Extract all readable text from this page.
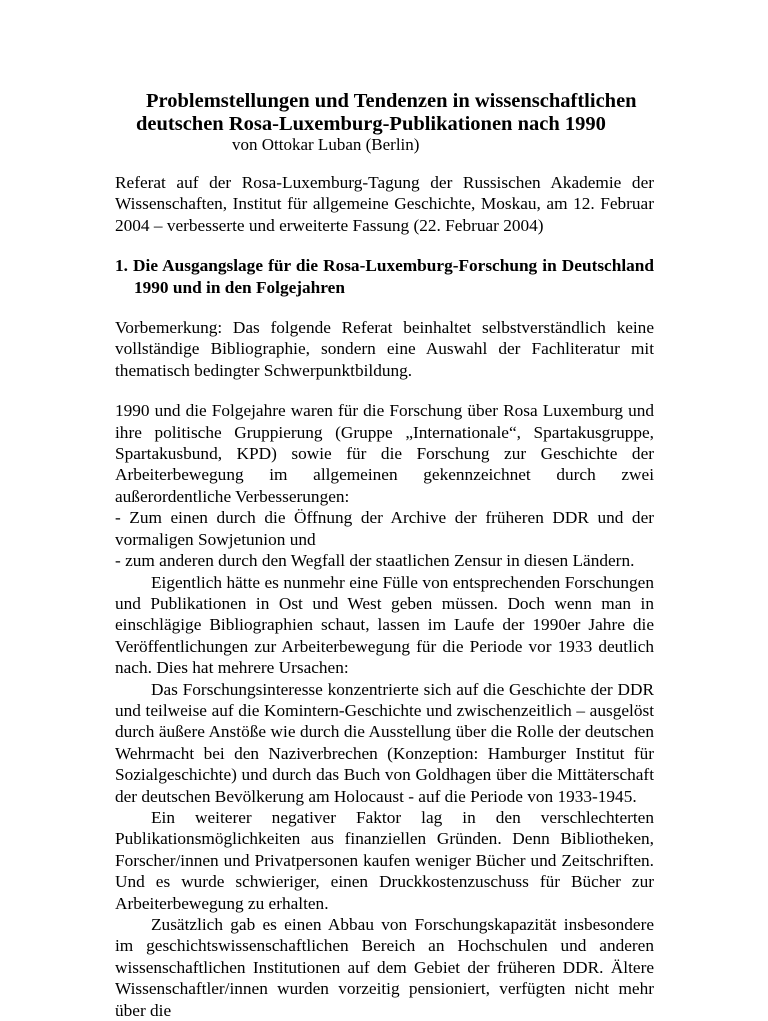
Problemstellungen und Tendenzen in wissenschaftlichen
deutschen Rosa-Luxemburg-Publikationen nach 1990
von Ottokar Luban (Berlin)

Referat auf der Rosa-Luxemburg-Tagung der Russischen Akademie der Wissenschaften, Institut für allgemeine Geschichte, Moskau, am 12. Februar 2004 – verbesserte und erweiterte Fassung (22. Februar 2004)

1. Die Ausgangslage für die Rosa-Luxemburg-Forschung in Deutschland 1990 und in den Folgejahren

Vorbemerkung: Das folgende Referat beinhaltet selbstverständlich keine vollständige Bibliographie, sondern eine Auswahl der Fachliteratur mit thematisch bedingter Schwerpunktbildung.

1990 und die Folgejahre waren für die Forschung über Rosa Luxemburg und ihre politische Gruppierung (Gruppe „Internationale“, Spartakusgruppe, Spartakusbund, KPD) sowie für die Forschung zur Geschichte der Arbeiterbewegung im allgemeinen gekennzeichnet durch zwei außerordentliche Verbesserungen:

- Zum einen durch die Öffnung der Archive der früheren DDR und der vormaligen Sowjetunion und

- zum anderen durch den Wegfall der staatlichen Zensur in diesen Ländern.

Eigentlich hätte es nunmehr eine Fülle von entsprechenden Forschungen und Publikationen in Ost und West geben müssen. Doch wenn man in einschlägige Bibliographien schaut, lassen im Laufe der 1990er Jahre die Veröffentlichungen zur Arbeiterbewegung für die Periode vor 1933 deutlich nach. Dies hat mehrere Ursachen:

Das Forschungsinteresse konzentrierte sich auf die Geschichte der DDR und teilweise auf die Komintern-Geschichte und zwischenzeitlich – ausgelöst durch äußere Anstöße wie durch die Ausstellung über die Rolle der deutschen Wehrmacht bei den Naziverbrechen (Konzeption: Hamburger Institut für Sozialgeschichte) und durch das Buch von Goldhagen über die Mittäterschaft der deutschen Bevölkerung am Holocaust - auf die Periode von 1933-1945.

Ein weiterer negativer Faktor lag in den verschlechterten Publikationsmöglichkeiten aus finanziellen Gründen. Denn Bibliotheken, Forscher/innen und Privatpersonen kaufen weniger Bücher und Zeitschriften. Und es wurde schwieriger, einen Druckkostenzuschuss für Bücher zur Arbeiterbewegung zu erhalten.

Zusätzlich gab es einen Abbau von Forschungskapazität insbesondere im geschichtswissenschaftlichen Bereich an Hochschulen und anderen wissenschaftlichen Institutionen auf dem Gebiet der früheren DDR. Ältere Wissenschaftler/innen wurden vorzeitig pensioniert, verfügten nicht mehr über die
